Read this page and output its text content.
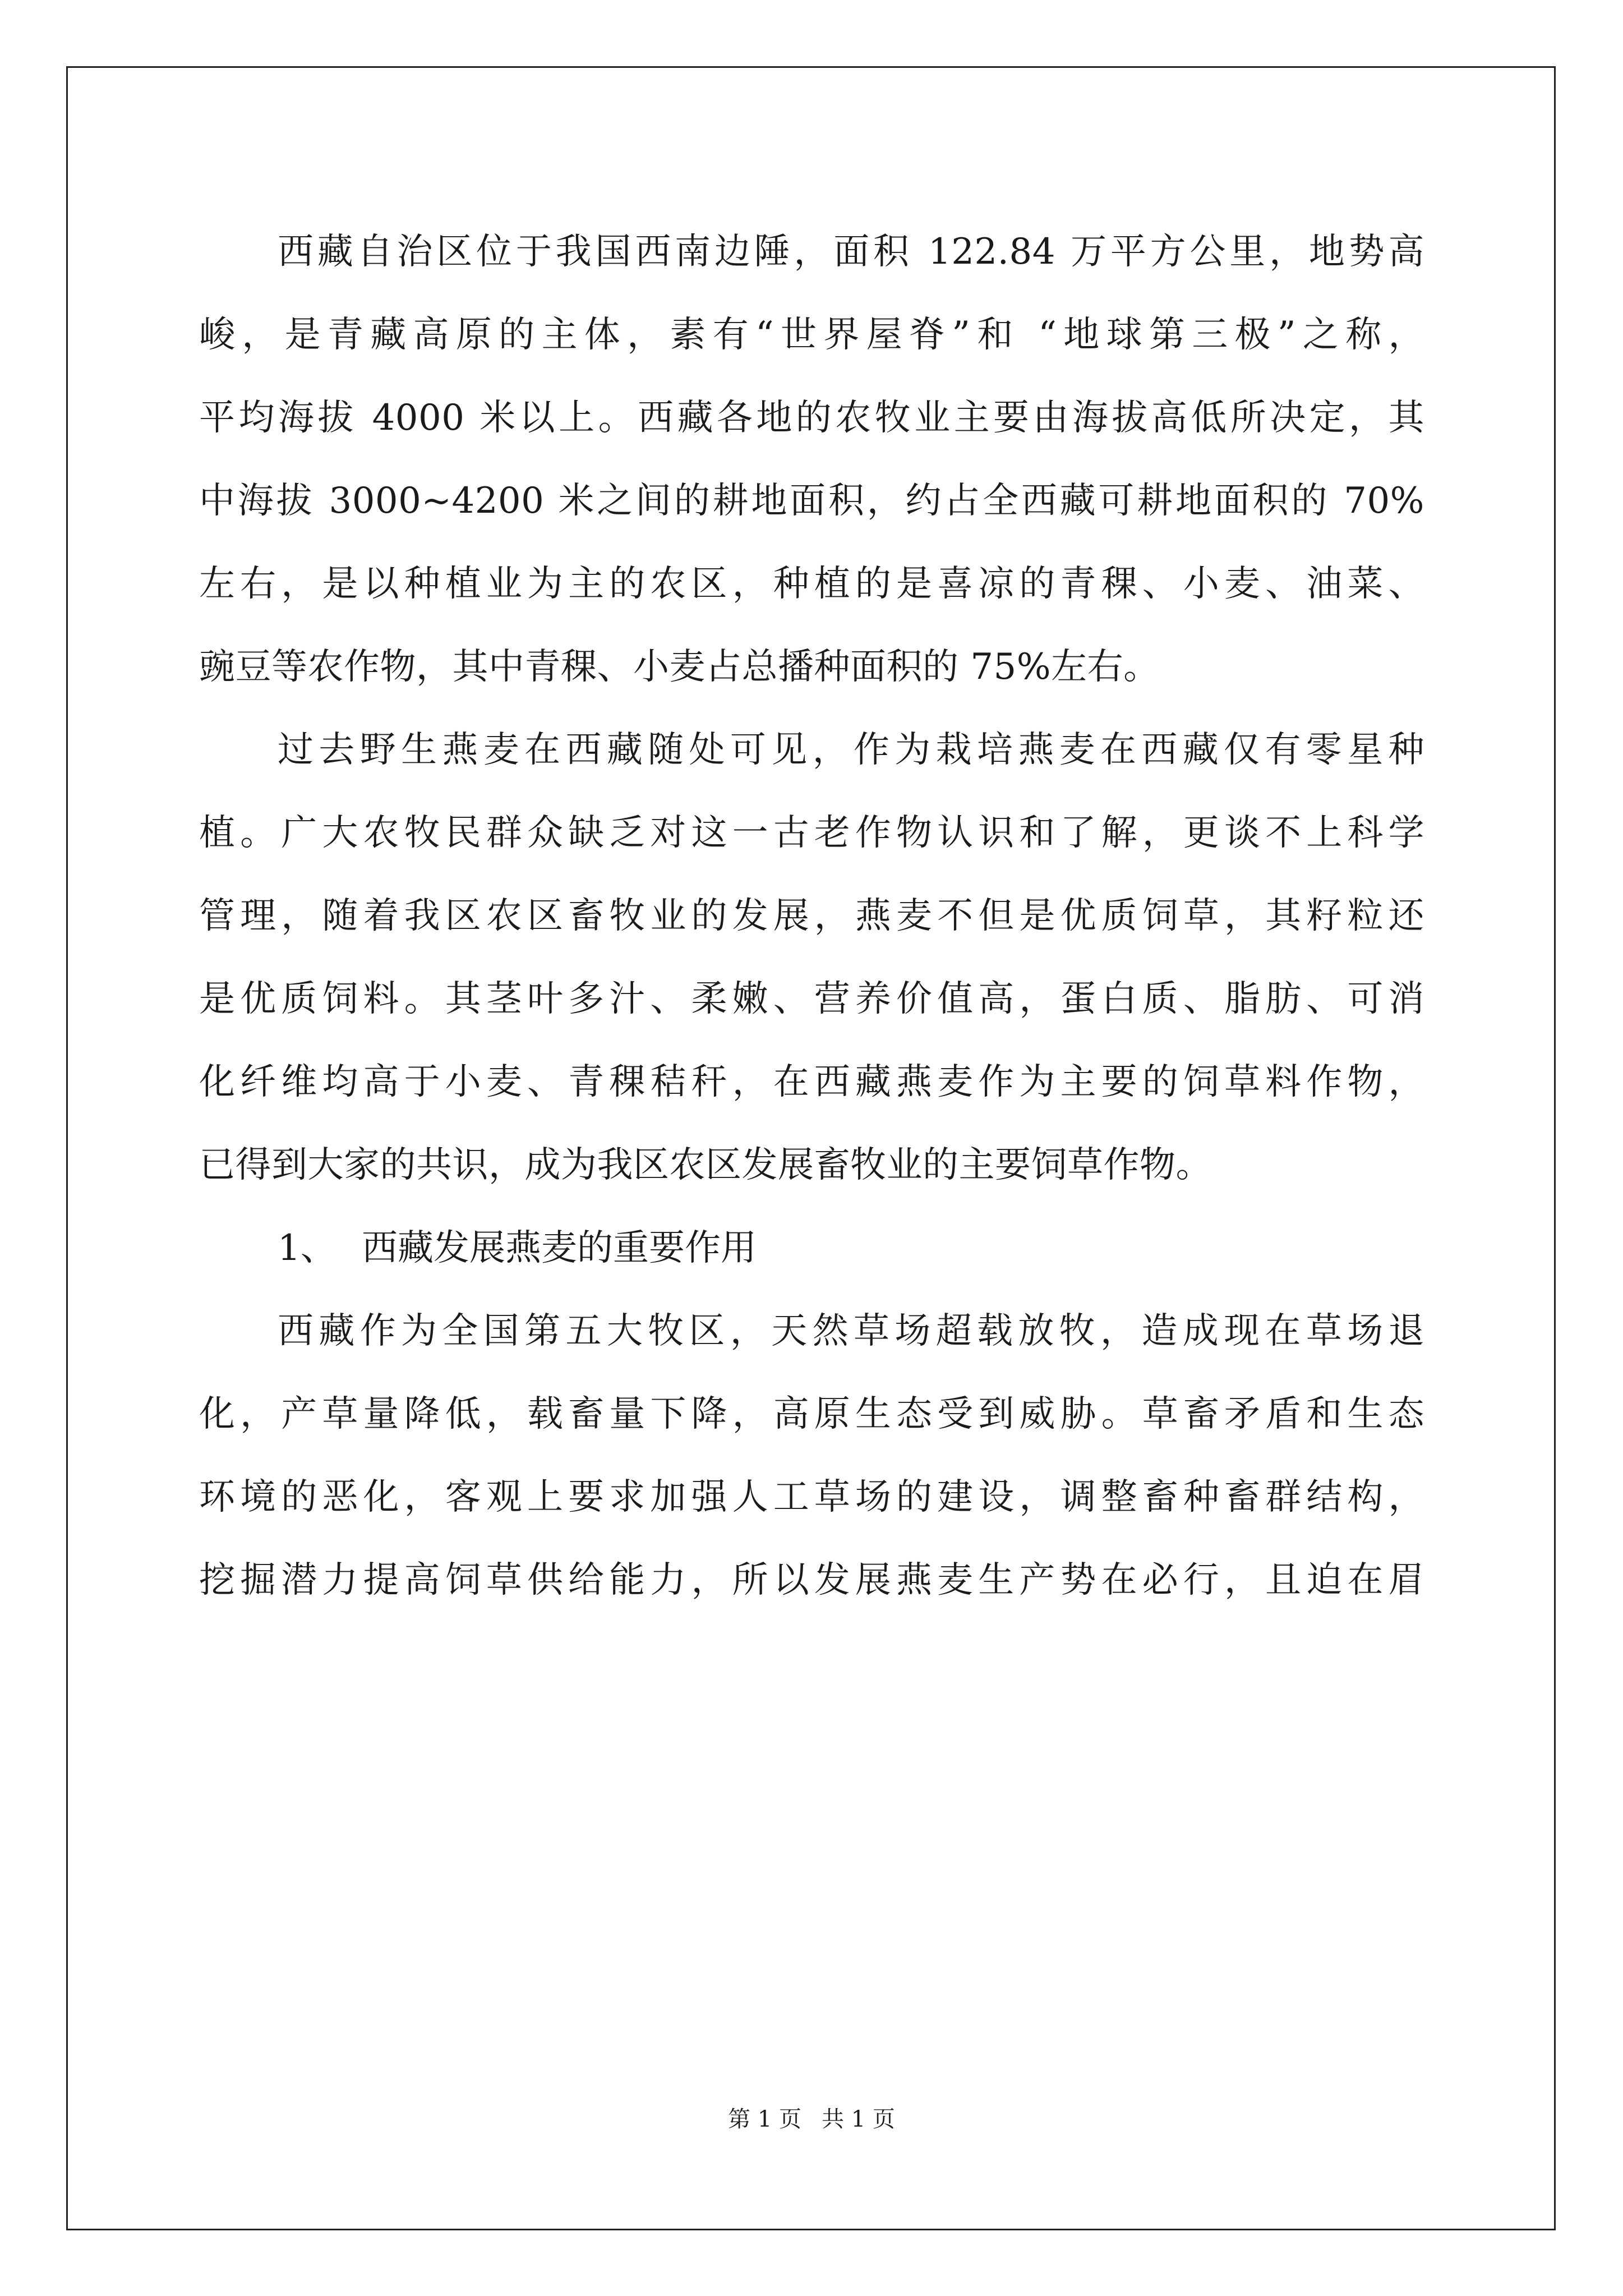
西藏自治区位于我国西南边陲，面积 122.84 万平方公里，地势高
峻，是青藏高原的主体，素有“世界屋脊”和 “地球第三极”之称，
平均海拔 4000 米以上。西藏各地的农牧业主要由海拔高低所决定，其
中海拔 3000~4200 米之间的耕地面积，约占全西藏可耕地面积的 70%
左右，是以种植业为主的农区，种植的是喜凉的青稞、小麦、油菜、
豌豆等农作物，其中青稞、小麦占总播种面积的 75%左右。
过去野生燕麦在西藏随处可见，作为栽培燕麦在西藏仅有零星种
植。广大农牧民群众缺乏对这一古老作物认识和了解，更谈不上科学
管理，随着我区农区畜牧业的发展，燕麦不但是优质饲草，其籽粒还
是优质饲料。其茎叶多汁、柔嫩、营养价值高，蛋白质、脂肪、可消
化纤维均高于小麦、青稞秸秆，在西藏燕麦作为主要的饲草料作物，
已得到大家的共识，成为我区农区发展畜牧业的主要饲草作物。
1、 西藏发展燕麦的重要作用
西藏作为全国第五大牧区，天然草场超载放牧，造成现在草场退
化，产草量降低，载畜量下降，高原生态受到威胁。草畜矛盾和生态
环境的恶化，客观上要求加强人工草场的建设，调整畜种畜群结构，
挖掘潜力提高饲草供给能力，所以发展燕麦生产势在必行，且迫在眉
第 1 页 共 1 页
